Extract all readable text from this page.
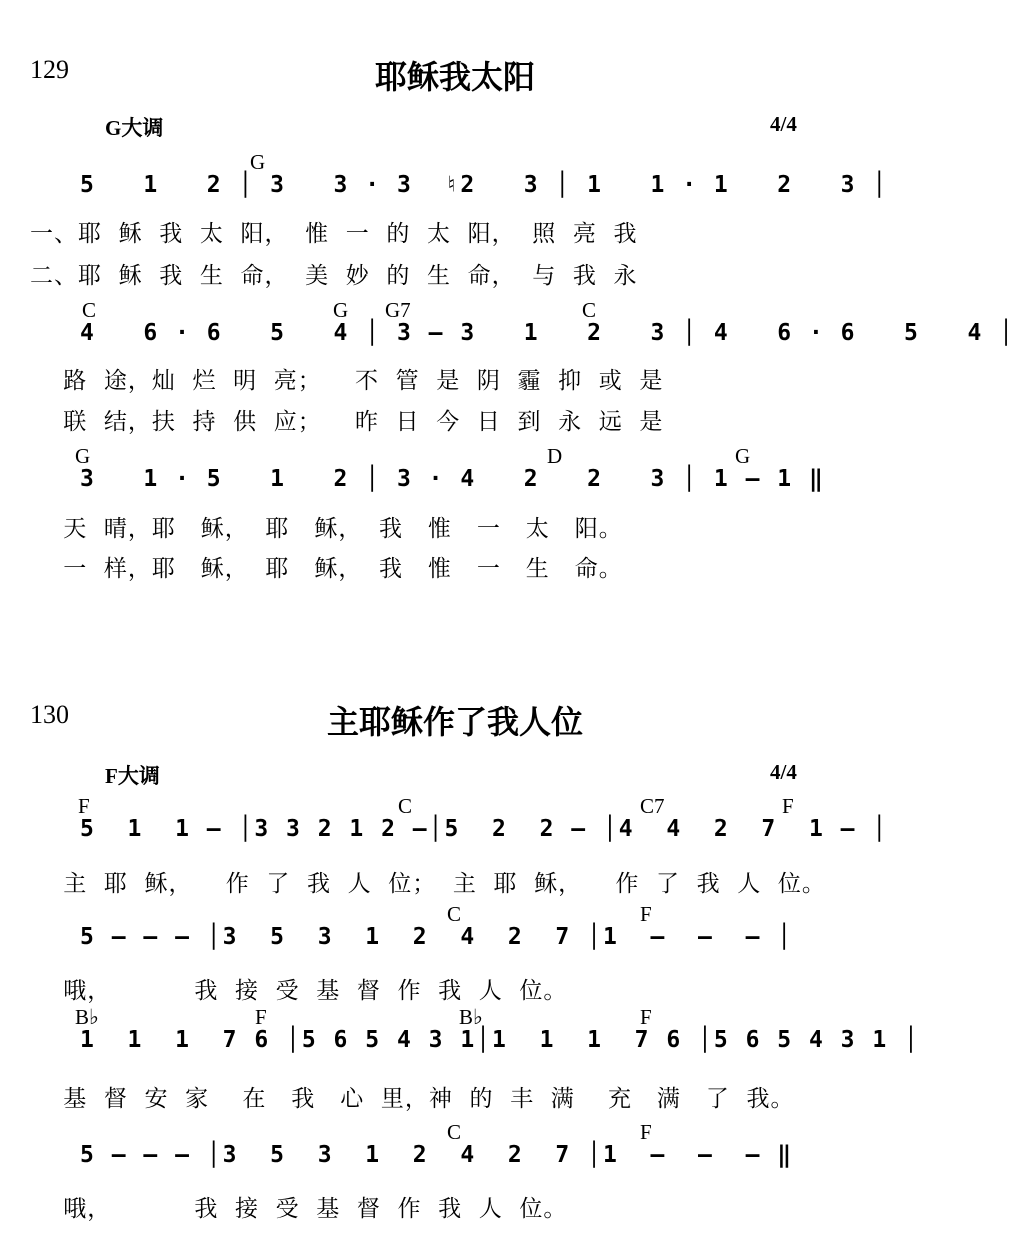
129	耶稣我太阳
G大调	4/4
G
5   1   2 │ 3   3 · 3  ♮2   3 │ 1   1 · 1   2   3 │
一、耶  稣  我  太  阳，  惟  一  的  太  阳，  照  亮  我
二、耶  稣  我  生  命，  美  妙  的  生  命，  与  我  永
C	G G7	C
4   6 · 6   5   4 │ 3 — 3   1   2   3 │ 4   6 · 6   5   4 │
路  途，灿  烂  明  亮；    不  管  是  阴  霾  抑  或  是
联  结，扶  持  供  应；    昨  日  今  日  到  永  远  是
G	D	G
3   1 · 5   1   2 │ 3 · 4   2   2   3 │ 1 — 1 ‖
天  晴，耶   稣，  耶   稣，  我   惟   一   太   阳。
一  样，耶   稣，  耶   稣，  我   惟   一   生   命。
130	主耶稣作了我人位
F大调	4/4
F	C	C7	F
5  1  1 — │3 3 2 1 2 —│5  2  2 — │4  4  2  7  1 — │
主  耶  稣，    作  了  我  人  位；  主  耶  稣，    作  了  我  人  位。
C	F
5 — — — │3  5  3  1  2  4  2  7 │1  —  —  — │
哦，          我  接  受  基  督  作  我  人  位。
B♭	F	B♭	F
1  1  1  7 6 │5 6 5 4 3 1│1  1  1  7 6 │5 6 5 4 3 1 │
基  督  安  家    在   我   心  里，神  的  丰  满    充   满   了  我。
C	F
5 — — — │3  5  3  1  2  4  2  7 │1  —  —  — ‖
哦，          我  接  受  基  督  作  我  人  位。
